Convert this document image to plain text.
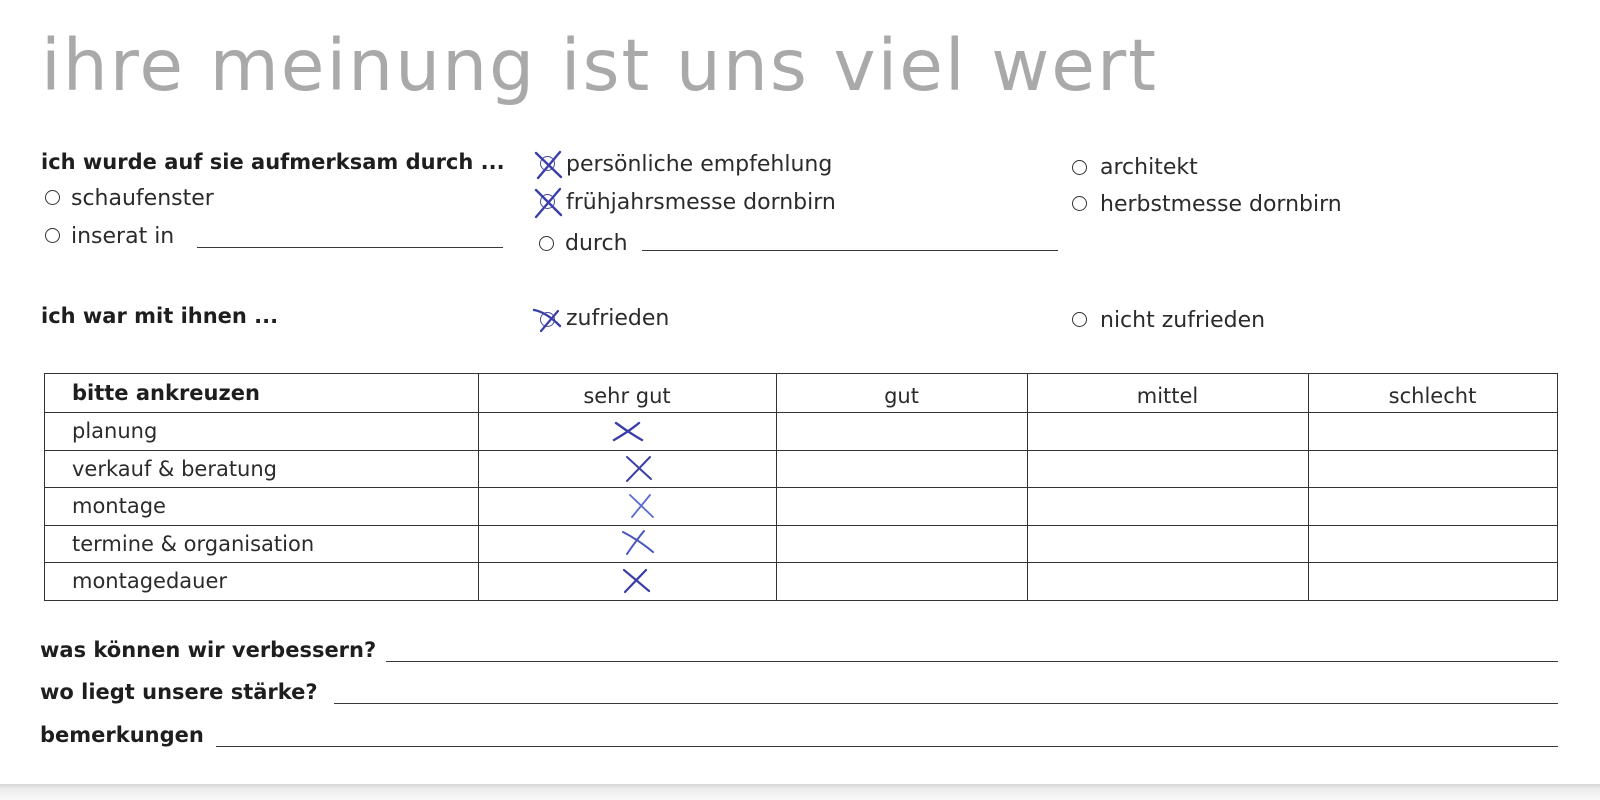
ihre meinung ist uns viel wert
ich wurde auf sie aufmerksam durch ...
schaufenster
inserat in
persönliche empfehlung
frühjahrsmesse dornbirn
durch
architekt
herbstmesse dornbirn
ich war mit ihnen ...	zufrieden	nicht zufrieden
bitte ankreuzen	sehr gut	gut	mittel	schlecht
planung
verkauf & beratung
montage
termine & organisation
montagedauer
was können wir verbessern?
wo liegt unsere stärke?
bemerkungen
